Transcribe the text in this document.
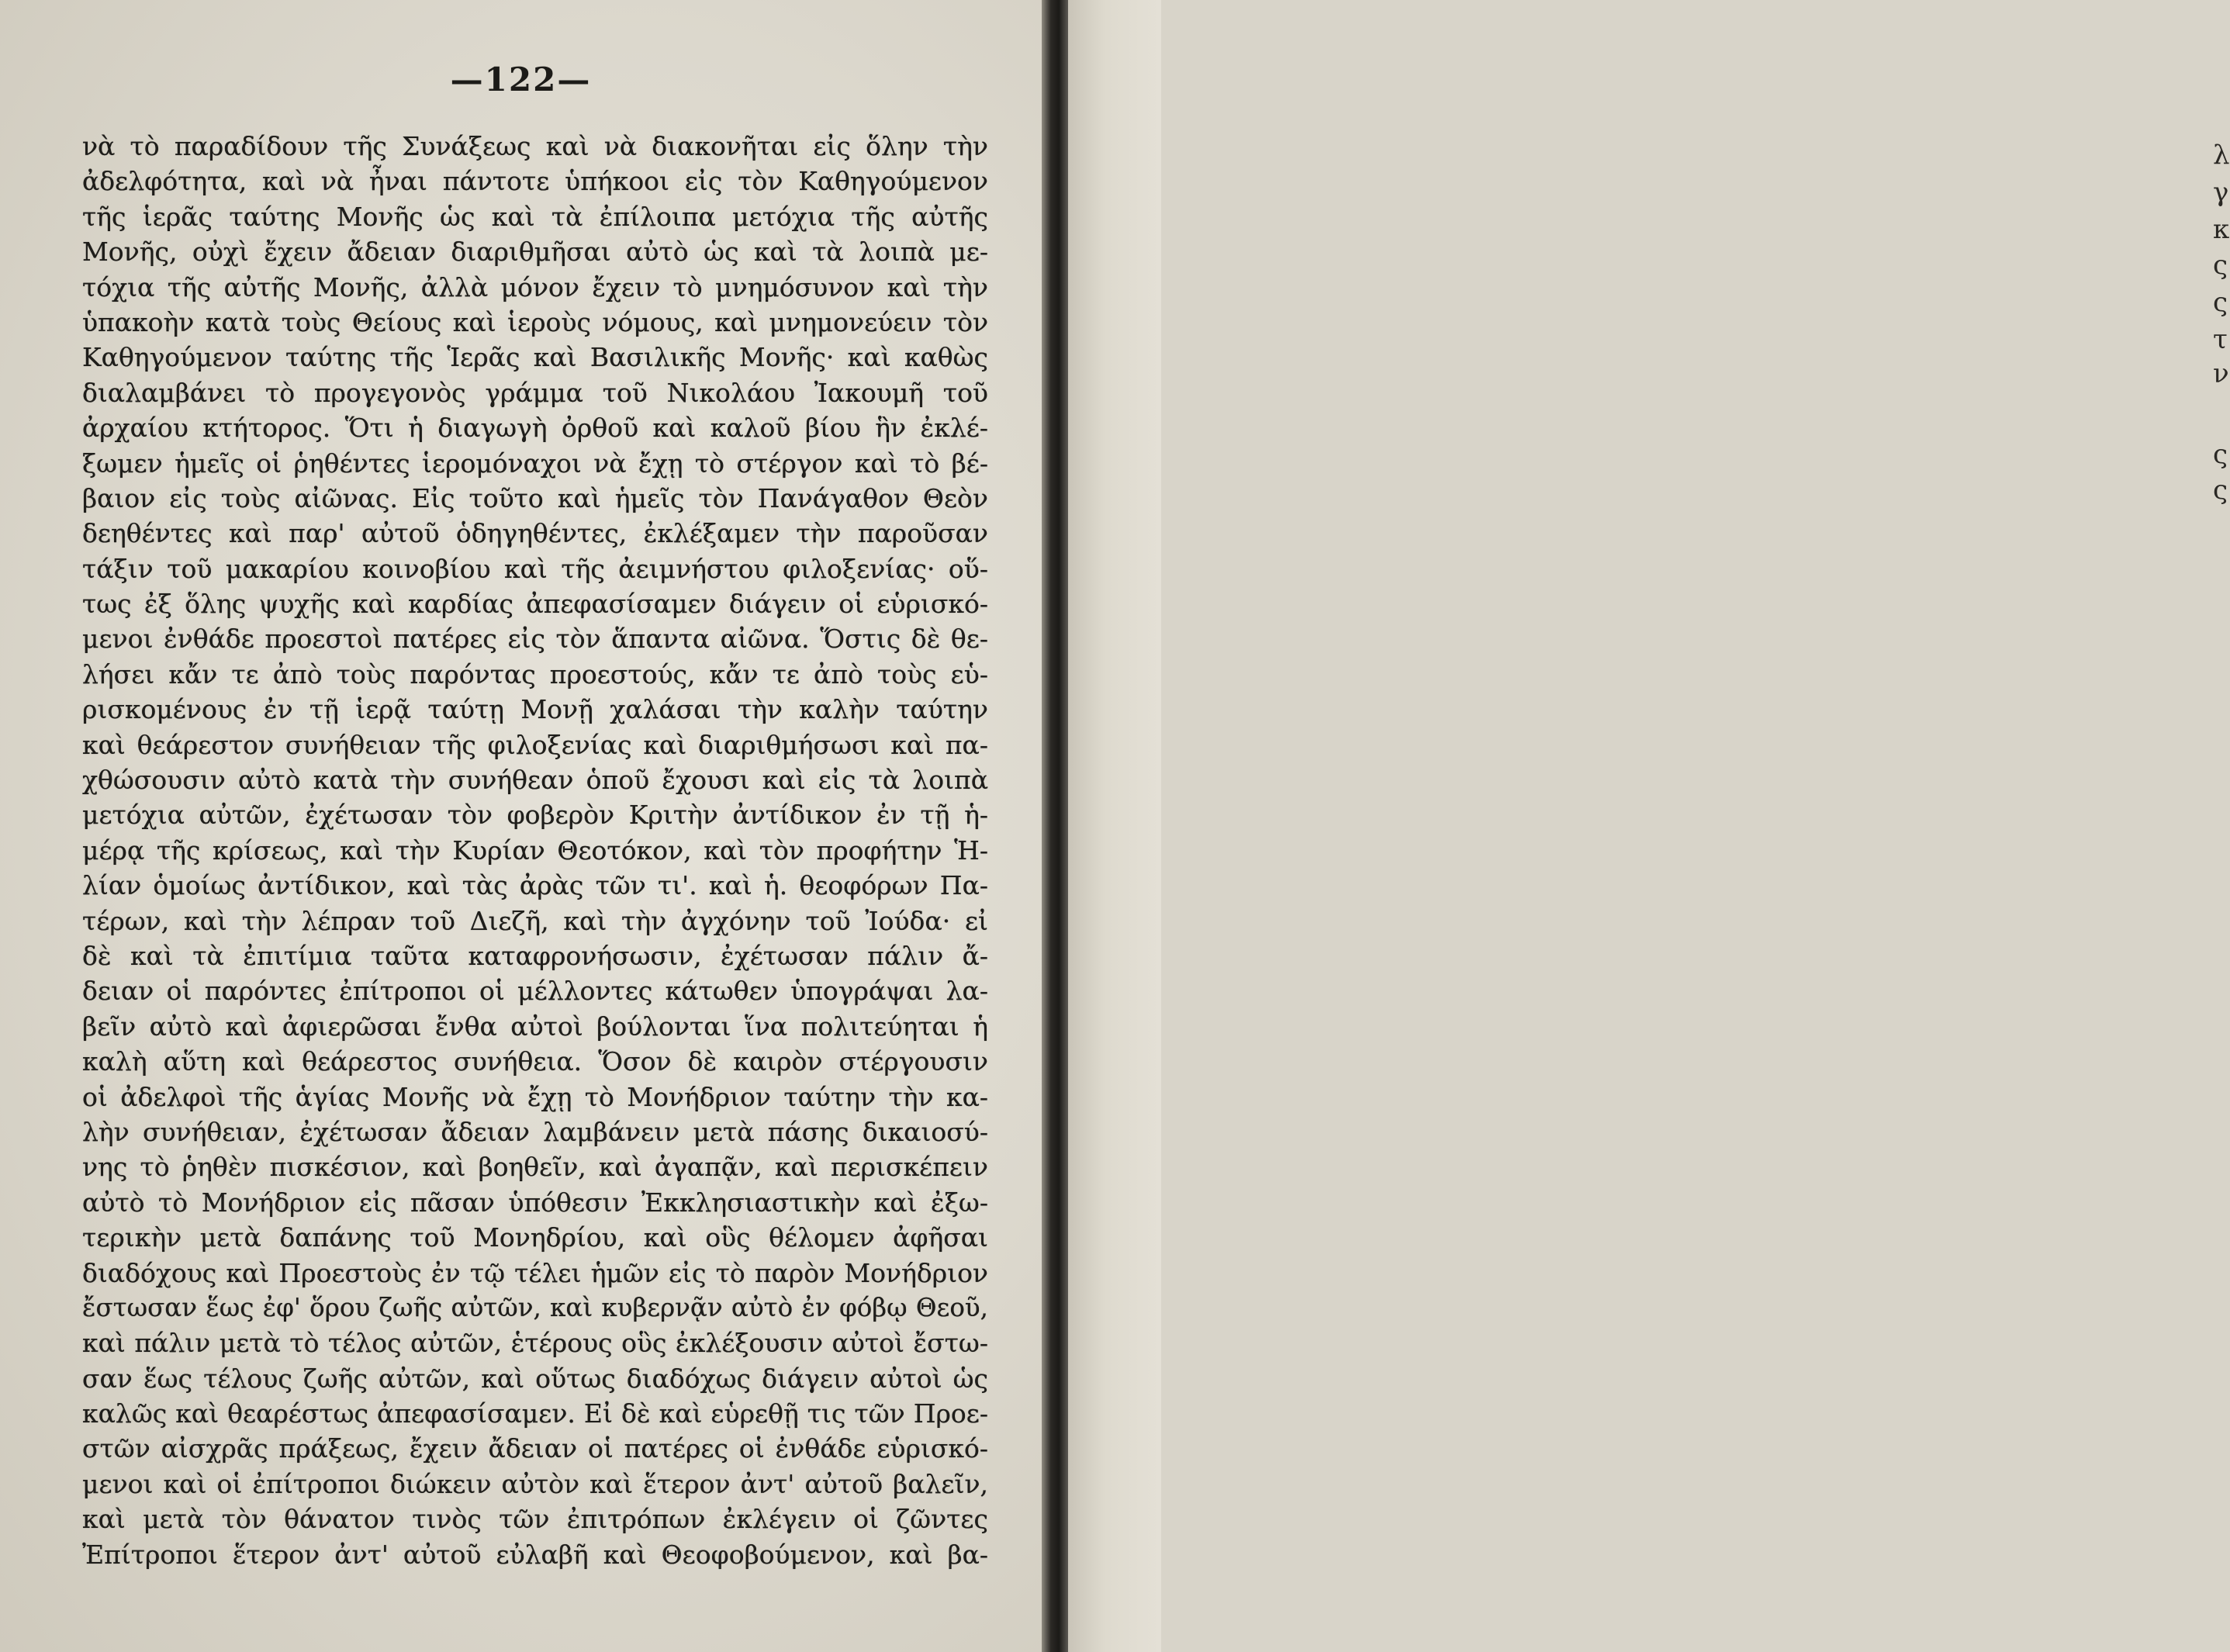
λ
γ
κ
ς
ς
τ
ν
ς
ς
—122—
νὰ τὸ παραδίδουν τῆς Συνάξεως καὶ νὰ διακονῆται εἰς ὅλην τὴν
ἀδελφότητα, καὶ νὰ ἦναι πάντοτε ὑπήκοοι εἰς τὸν Καθηγούμενον
τῆς ἱερᾶς ταύτης Μονῆς ὡς καὶ τὰ ἐπίλοιπα μετόχια τῆς αὐτῆς
Μονῆς, οὐχὶ ἔχειν ἄδειαν διαριθμῆσαι αὐτὸ ὡς καὶ τὰ λοιπὰ με-
τόχια τῆς αὐτῆς Μονῆς, ἀλλὰ μόνον ἔχειν τὸ μνημόσυνον καὶ τὴν
ὑπακοὴν κατὰ τοὺς Θείους καὶ ἱεροὺς νόμους, καὶ μνημονεύειν τὸν
Καθηγούμενον ταύτης τῆς Ἱερᾶς καὶ Βασιλικῆς Μονῆς· καὶ καθὼς
διαλαμβάνει τὸ προγεγονὸς γράμμα τοῦ Νικολάου Ἰακουμῆ τοῦ
ἀρχαίου κτήτορος. Ὅτι ἡ διαγωγὴ ὀρθοῦ καὶ καλοῦ βίου ἣν ἐκλέ-
ξωμεν ἡμεῖς οἱ ῥηθέντες ἱερομόναχοι νὰ ἔχῃ τὸ στέργον καὶ τὸ βέ-
βαιον εἰς τοὺς αἰῶνας. Εἰς τοῦτο καὶ ἡμεῖς τὸν Πανάγαθον Θεὸν
δεηθέντες καὶ παρ' αὐτοῦ ὁδηγηθέντες, ἐκλέξαμεν τὴν παροῦσαν
τάξιν τοῦ μακαρίου κοινοβίου καὶ τῆς ἀειμνήστου φιλοξενίας· οὕ-
τως ἐξ ὅλης ψυχῆς καὶ καρδίας ἀπεφασίσαμεν διάγειν οἱ εὑρισκό-
μενοι ἐνθάδε προεστοὶ πατέρες εἰς τὸν ἅπαντα αἰῶνα. Ὅστις δὲ θε-
λήσει κἄν τε ἀπὸ τοὺς παρόντας προεστούς, κἄν τε ἀπὸ τοὺς εὑ-
ρισκομένους ἐν τῇ ἱερᾷ ταύτῃ Μονῇ χαλάσαι τὴν καλὴν ταύτην
καὶ θεάρεστον συνήθειαν τῆς φιλοξενίας καὶ διαριθμήσωσι καὶ πα-
χθώσουσιν αὐτὸ κατὰ τὴν συνήθεαν ὁποῦ ἔχουσι καὶ εἰς τὰ λοιπὰ
μετόχια αὐτῶν, ἐχέτωσαν τὸν φοβερὸν Κριτὴν ἀντίδικον ἐν τῇ ἡ-
μέρᾳ τῆς κρίσεως, καὶ τὴν Κυρίαν Θεοτόκον, καὶ τὸν προφήτην Ἡ-
λίαν ὁμοίως ἀντίδικον, καὶ τὰς ἀρὰς τῶν τι'. καὶ ἡ. θεοφόρων Πα-
τέρων, καὶ τὴν λέπραν τοῦ Διεζῆ, καὶ τὴν ἀγχόνην τοῦ Ἰούδα· εἰ
δὲ καὶ τὰ ἐπιτίμια ταῦτα καταφρονήσωσιν, ἐχέτωσαν πάλιν ἄ-
δειαν οἱ παρόντες ἐπίτροποι οἱ μέλλοντες κάτωθεν ὑπογράψαι λα-
βεῖν αὐτὸ καὶ ἀφιερῶσαι ἔνθα αὐτοὶ βούλονται ἵνα πολιτεύηται ἡ
καλὴ αὕτη καὶ θεάρεστος συνήθεια. Ὅσον δὲ καιρὸν στέργουσιν
οἱ ἀδελφοὶ τῆς ἁγίας Μονῆς νὰ ἔχῃ τὸ Μονήδριον ταύτην τὴν κα-
λὴν συνήθειαν, ἐχέτωσαν ἄδειαν λαμβάνειν μετὰ πάσης δικαιοσύ-
νης τὸ ῥηθὲν πισκέσιον, καὶ βοηθεῖν, καὶ ἀγαπᾷν, καὶ περισκέπειν
αὐτὸ τὸ Μονήδριον εἰς πᾶσαν ὑπόθεσιν Ἐκκλησιαστικὴν καὶ ἐξω-
τερικὴν μετὰ δαπάνης τοῦ Μονηδρίου, καὶ οὓς θέλομεν ἀφῆσαι
διαδόχους καὶ Προεστοὺς ἐν τῷ τέλει ἡμῶν εἰς τὸ παρὸν Μονήδριον
ἔστωσαν ἕως ἐφ' ὅρου ζωῆς αὐτῶν, καὶ κυβερνᾷν αὐτὸ ἐν φόβῳ Θεοῦ,
καὶ πάλιν μετὰ τὸ τέλος αὐτῶν, ἑτέρους οὓς ἐκλέξουσιν αὐτοὶ ἔστω-
σαν ἕως τέλους ζωῆς αὐτῶν, καὶ οὕτως διαδόχως διάγειν αὐτοὶ ὡς
καλῶς καὶ θεαρέστως ἀπεφασίσαμεν. Εἰ δὲ καὶ εὑρεθῇ τις τῶν Προε-
στῶν αἰσχρᾶς πράξεως, ἔχειν ἄδειαν οἱ πατέρες οἱ ἐνθάδε εὑρισκό-
μενοι καὶ οἱ ἐπίτροποι διώκειν αὐτὸν καὶ ἕτερον ἀντ' αὐτοῦ βαλεῖν,
καὶ μετὰ τὸν θάνατον τινὸς τῶν ἐπιτρόπων ἐκλέγειν οἱ ζῶντες
Ἐπίτροποι ἕτερον ἀντ' αὐτοῦ εὐλαβῆ καὶ Θεοφοβούμενον, καὶ βα-
